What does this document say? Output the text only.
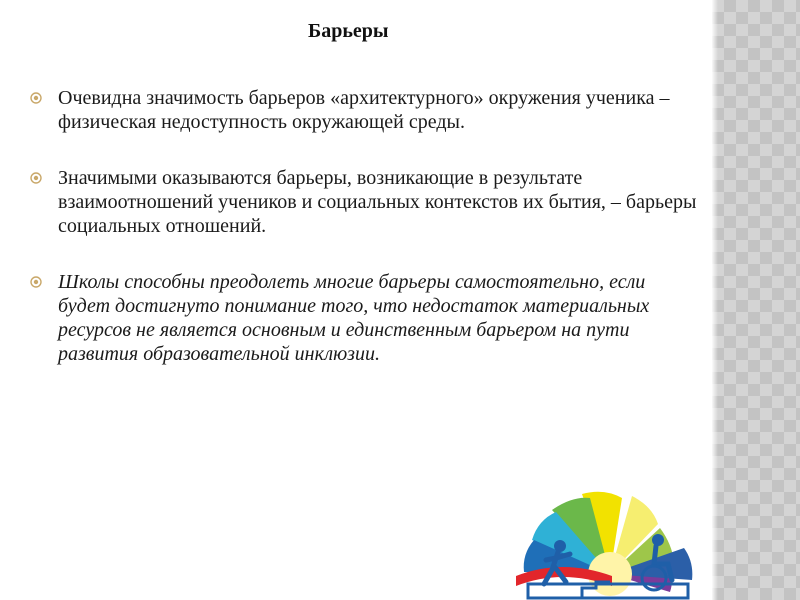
Барьеры
Очевидна значимость барьеров «архитектурного» окружения ученика – физическая недоступность окружающей среды.
Значимыми оказываются барьеры, возникающие в результате взаимоотношений учеников и социальных контекстов их бытия, – барьеры
социальных отношений.
Школы способны преодолеть многие барьеры самостоятельно, если будет достигнуто понимание того, что недостаток материальных ресурсов не является основным и единственным барьером на пути развития образовательной инклюзии.
